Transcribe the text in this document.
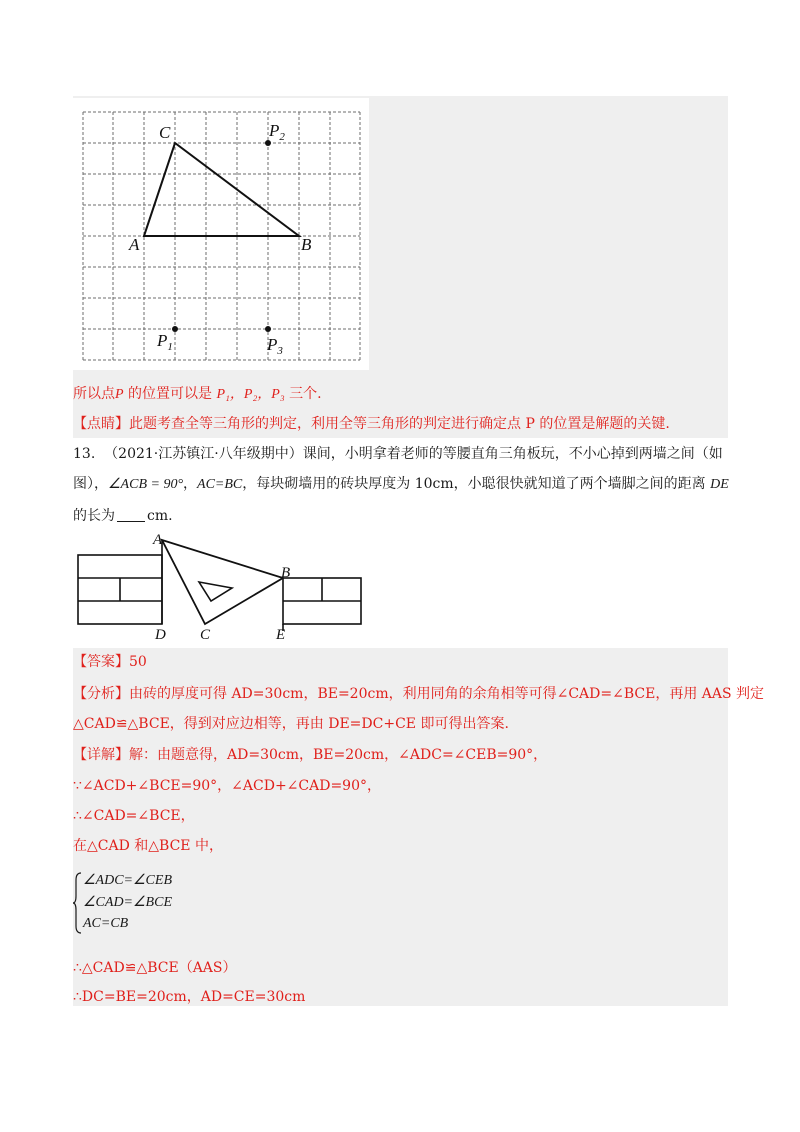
C
A	B
$P_2$
$P_1$	$P_3$
所以点P 的位置可以是 P₁，P₂，P₃ 三个.
【点睛】此题考查全等三角形的判定，利用全等三角形的判定进行确定点 P 的位置是解题的关键.
13. （2021·江苏镇江·八年级期中）课间，小明拿着老师的等腰直角三角板玩，不小心掉到两墙之间（如
图），∠ACB = 90°，AC=BC，每块砌墙用的砖块厚度为 10cm，小聪很快就知道了两个墙脚之间的距离 DE
的长为 cm.
A
B
C
D	E
【答案】50
【分析】由砖的厚度可得 AD=30cm，BE=20cm，利用同角的余角相等可得∠CAD=∠BCE，再用 AAS 判定
△CAD≌△BCE，得到对应边相等，再由 DE=DC+CE 即可得出答案.
【详解】解：由题意得，AD=30cm，BE=20cm，∠ADC=∠CEB=90°，
∵∠ACD+∠BCE=90°，∠ACD+∠CAD=90°，
∴∠CAD=∠BCE，
在△CAD 和△BCE 中，
∠ADC=∠CEB
∠CAD=∠BCE
AC=CB
∴△CAD≌△BCE（AAS）
∴DC=BE=20cm，AD=CE=30cm
